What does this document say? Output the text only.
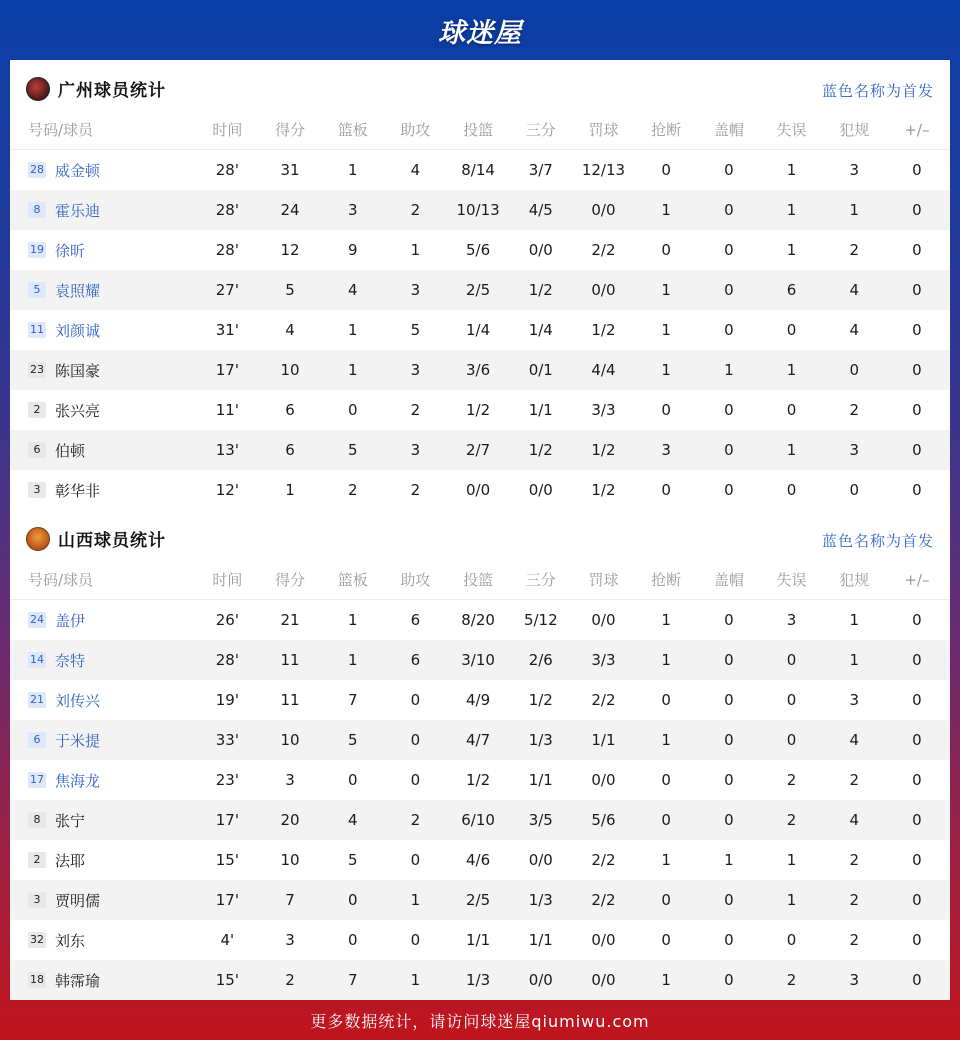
球迷屋
广州球员统计	蓝色名称为首发
号码/球员	时间	得分	篮板	助攻	投篮	三分	罚球	抢断	盖帽	失误	犯规	+/–
28 威金顿	28'	31	1	4	8/14	3/7	12/13	0	0	1	3	0
8 霍乐迪	28'	24	3	2	10/13	4/5	0/0	1	0	1	1	0
19 徐昕	28'	12	9	1	5/6	0/0	2/2	0	0	1	2	0
5 袁照耀	27'	5	4	3	2/5	1/2	0/0	1	0	6	4	0
11 刘颜诚	31'	4	1	5	1/4	1/4	1/2	1	0	0	4	0
23 陈国豪	17'	10	1	3	3/6	0/1	4/4	1	1	1	0	0
2 张兴亮	11'	6	0	2	1/2	1/1	3/3	0	0	0	2	0
6 伯顿	13'	6	5	3	2/7	1/2	1/2	3	0	1	3	0
3 彰华非	12'	1	2	2	0/0	0/0	1/2	0	0	0	0	0
山西球员统计	蓝色名称为首发
号码/球员	时间	得分	篮板	助攻	投篮	三分	罚球	抢断	盖帽	失误	犯规	+/–
24 盖伊	26'	21	1	6	8/20	5/12	0/0	1	0	3	1	0
14 奈特	28'	11	1	6	3/10	2/6	3/3	1	0	0	1	0
21 刘传兴	19'	11	7	0	4/9	1/2	2/2	0	0	0	3	0
6 于米提	33'	10	5	0	4/7	1/3	1/1	1	0	0	4	0
17 焦海龙	23'	3	0	0	1/2	1/1	0/0	0	0	2	2	0
8 张宁	17'	20	4	2	6/10	3/5	5/6	0	0	2	4	0
2 法耶	15'	10	5	0	4/6	0/0	2/2	1	1	1	2	0
3 贾明儒	17'	7	0	1	2/5	1/3	2/2	0	0	1	2	0
32 刘东	4'	3	0	0	1/1	1/1	0/0	0	0	0	2	0
18 韩霈瑜	15'	2	7	1	1/3	0/0	0/0	1	0	2	3	0
更多数据统计，请访问球迷屋qiumiwu.com
